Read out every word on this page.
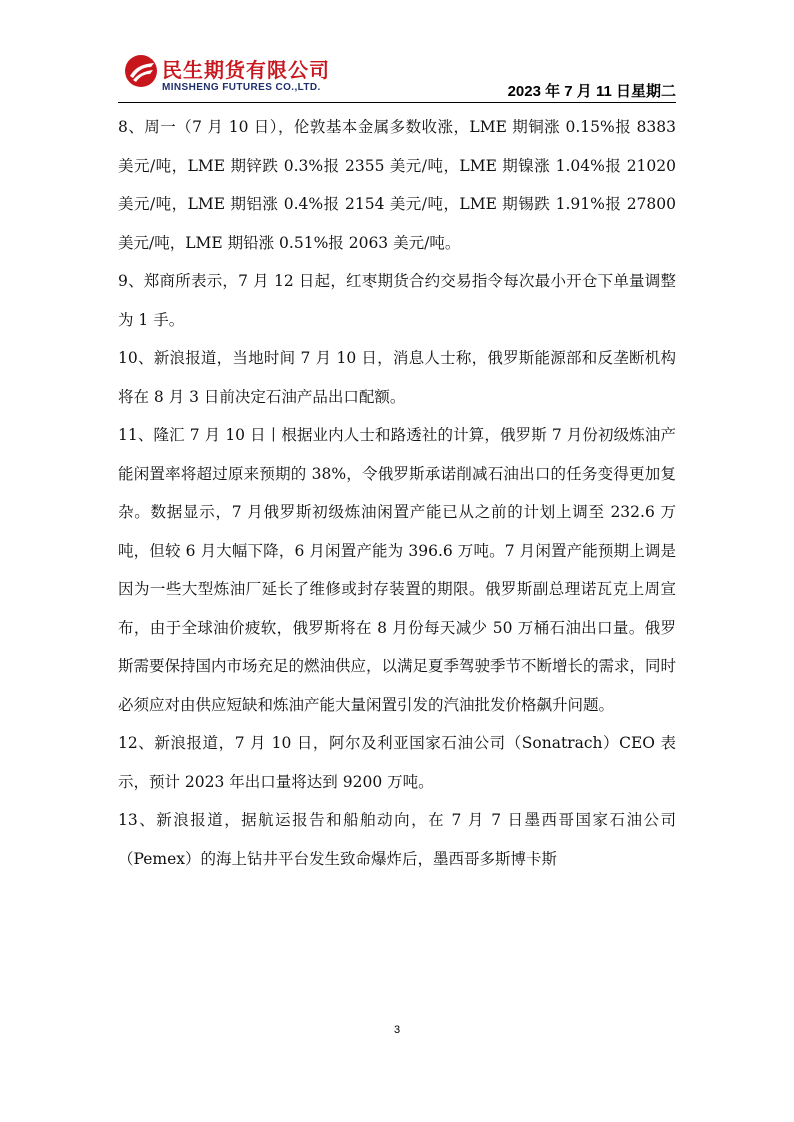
民生期货有限公司
MINSHENG FUTURES CO.,LTD.	2023 年 7 月 11 日星期二

8、周一（7 月 10 日），伦敦基本金属多数收涨，LME 期铜涨 0.15%报 8383 美元/吨，LME 期锌跌 0.3%报 2355 美元/吨，LME 期镍涨 1.04%报 21020 美元/吨，LME 期铝涨 0.4%报 2154 美元/吨，LME 期锡跌 1.91%报 27800 美元/吨，LME 期铅涨 0.51%报 2063 美元/吨。

9、郑商所表示，7 月 12 日起，红枣期货合约交易指令每次最小开仓下单量调整为 1 手。

10、新浪报道，当地时间 7 月 10 日，消息人士称，俄罗斯能源部和反垄断机构将在 8 月 3 日前决定石油产品出口配额。

11、隆汇 7 月 10 日丨根据业内人士和路透社的计算，俄罗斯 7 月份初级炼油产能闲置率将超过原来预期的 38%，令俄罗斯承诺削减石油出口的任务变得更加复杂。数据显示，7 月俄罗斯初级炼油闲置产能已从之前的计划上调至 232.6 万吨，但较 6 月大幅下降，6 月闲置产能为 396.6 万吨。7 月闲置产能预期上调是因为一些大型炼油厂延长了维修或封存装置的期限。俄罗斯副总理诺瓦克上周宣布，由于全球油价疲软，俄罗斯将在 8 月份每天减少 50 万桶石油出口量。俄罗斯需要保持国内市场充足的燃油供应，以满足夏季驾驶季节不断增长的需求，同时必须应对由供应短缺和炼油产能大量闲置引发的汽油批发价格飙升问题。

12、新浪报道，7 月 10 日，阿尔及利亚国家石油公司（Sonatrach）CEO 表示，预计 2023 年出口量将达到 9200 万吨。

13、新浪报道，据航运报告和船舶动向，在 7 月 7 日墨西哥国家石油公司（Pemex）的海上钻井平台发生致命爆炸后，墨西哥多斯博卡斯

3
